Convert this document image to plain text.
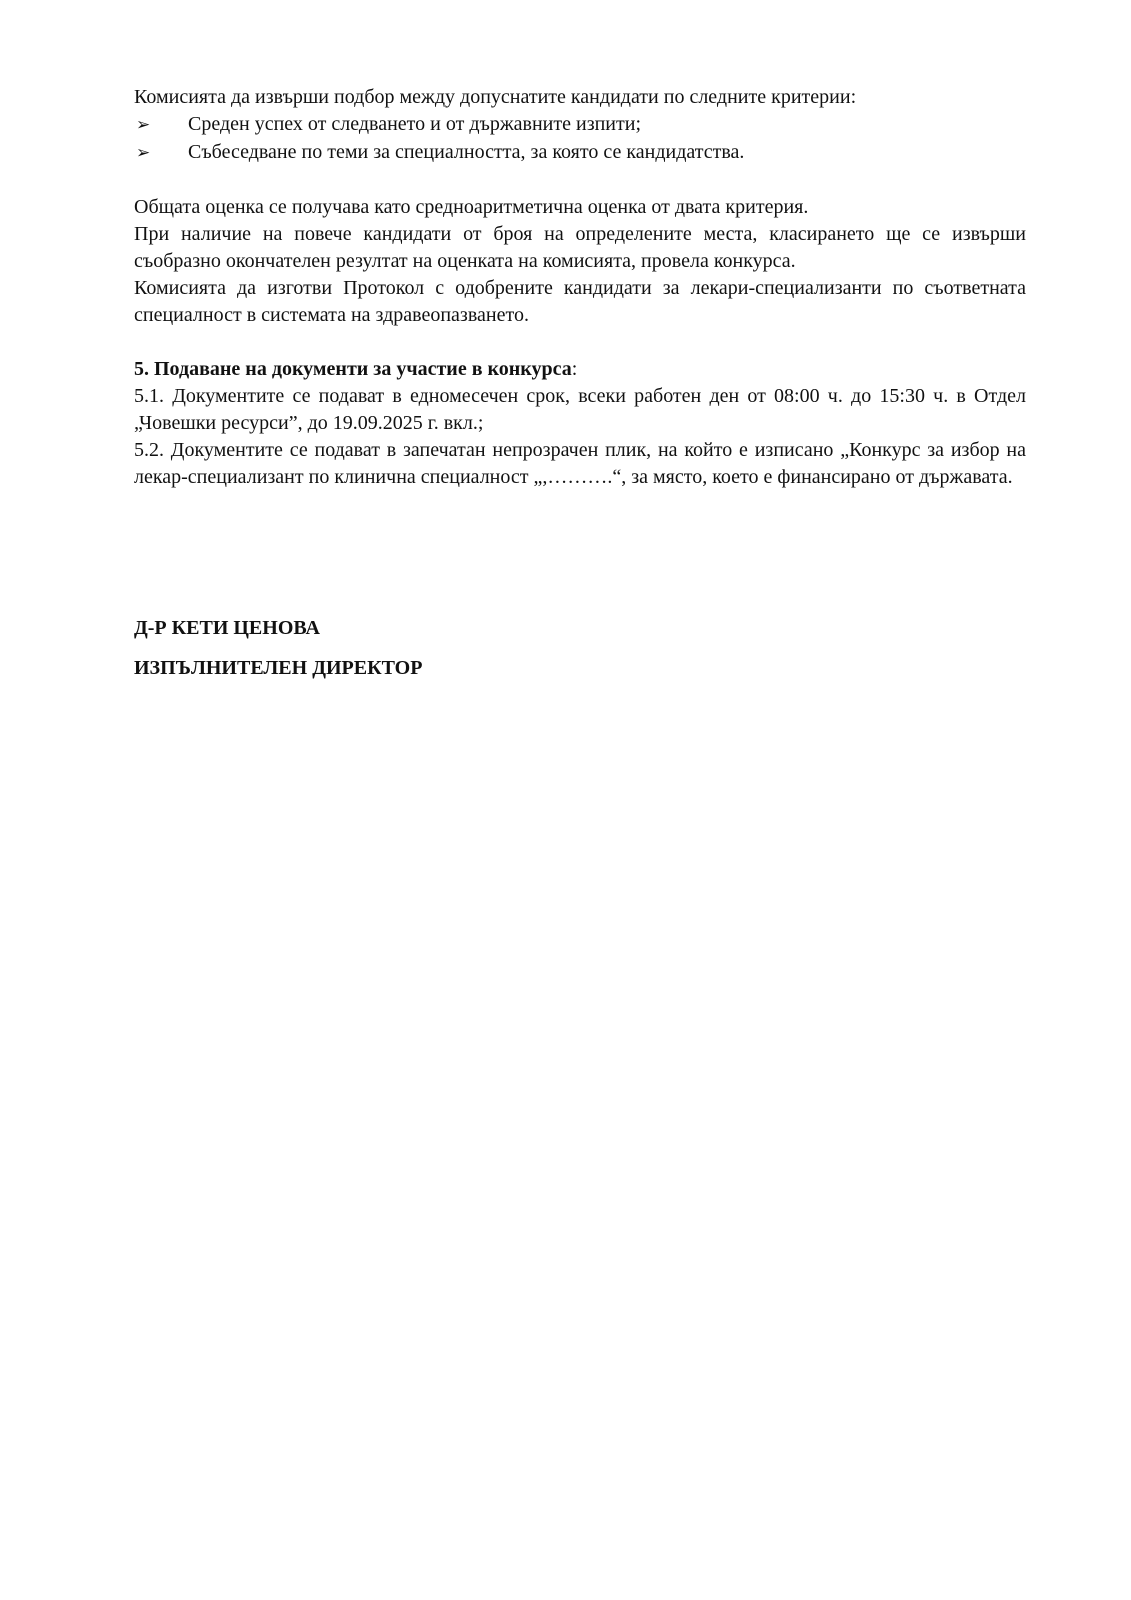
Комисията да извърши подбор между допуснатите кандидати по следните критерии:

➢	Среден успех от следването и от държавните изпити;
➢	Събеседване по теми за специалността, за която се кандидатства.

Общата оценка се получава като средноаритметична оценка от двата критерия.

При наличие на повече кандидати от броя на определените места, класирането ще се извърши съобразно окончателен резултат на оценката на комисията, провела конкурса.

Комисията да изготви Протокол с одобрените кандидати за лекари-специализанти по съответната специалност в системата на здравеопазването.

5. Подаване на документи за участие в конкурса:

5.1. Документите се подават в едномесечен срок, всеки работен ден от 08:00 ч. до 15:30 ч. в Отдел „Човешки ресурси”, до 19.09.2025 г. вкл.;

5.2. Документите се подават в запечатан непрозрачен плик, на който е изписано „Конкурс за избор на лекар-специализант по клинична специалност „,……….“, за място, което е финансирано от държавата.

Д-Р КЕТИ ЦЕНОВА

ИЗПЪЛНИТЕЛЕН ДИРЕКТОР
